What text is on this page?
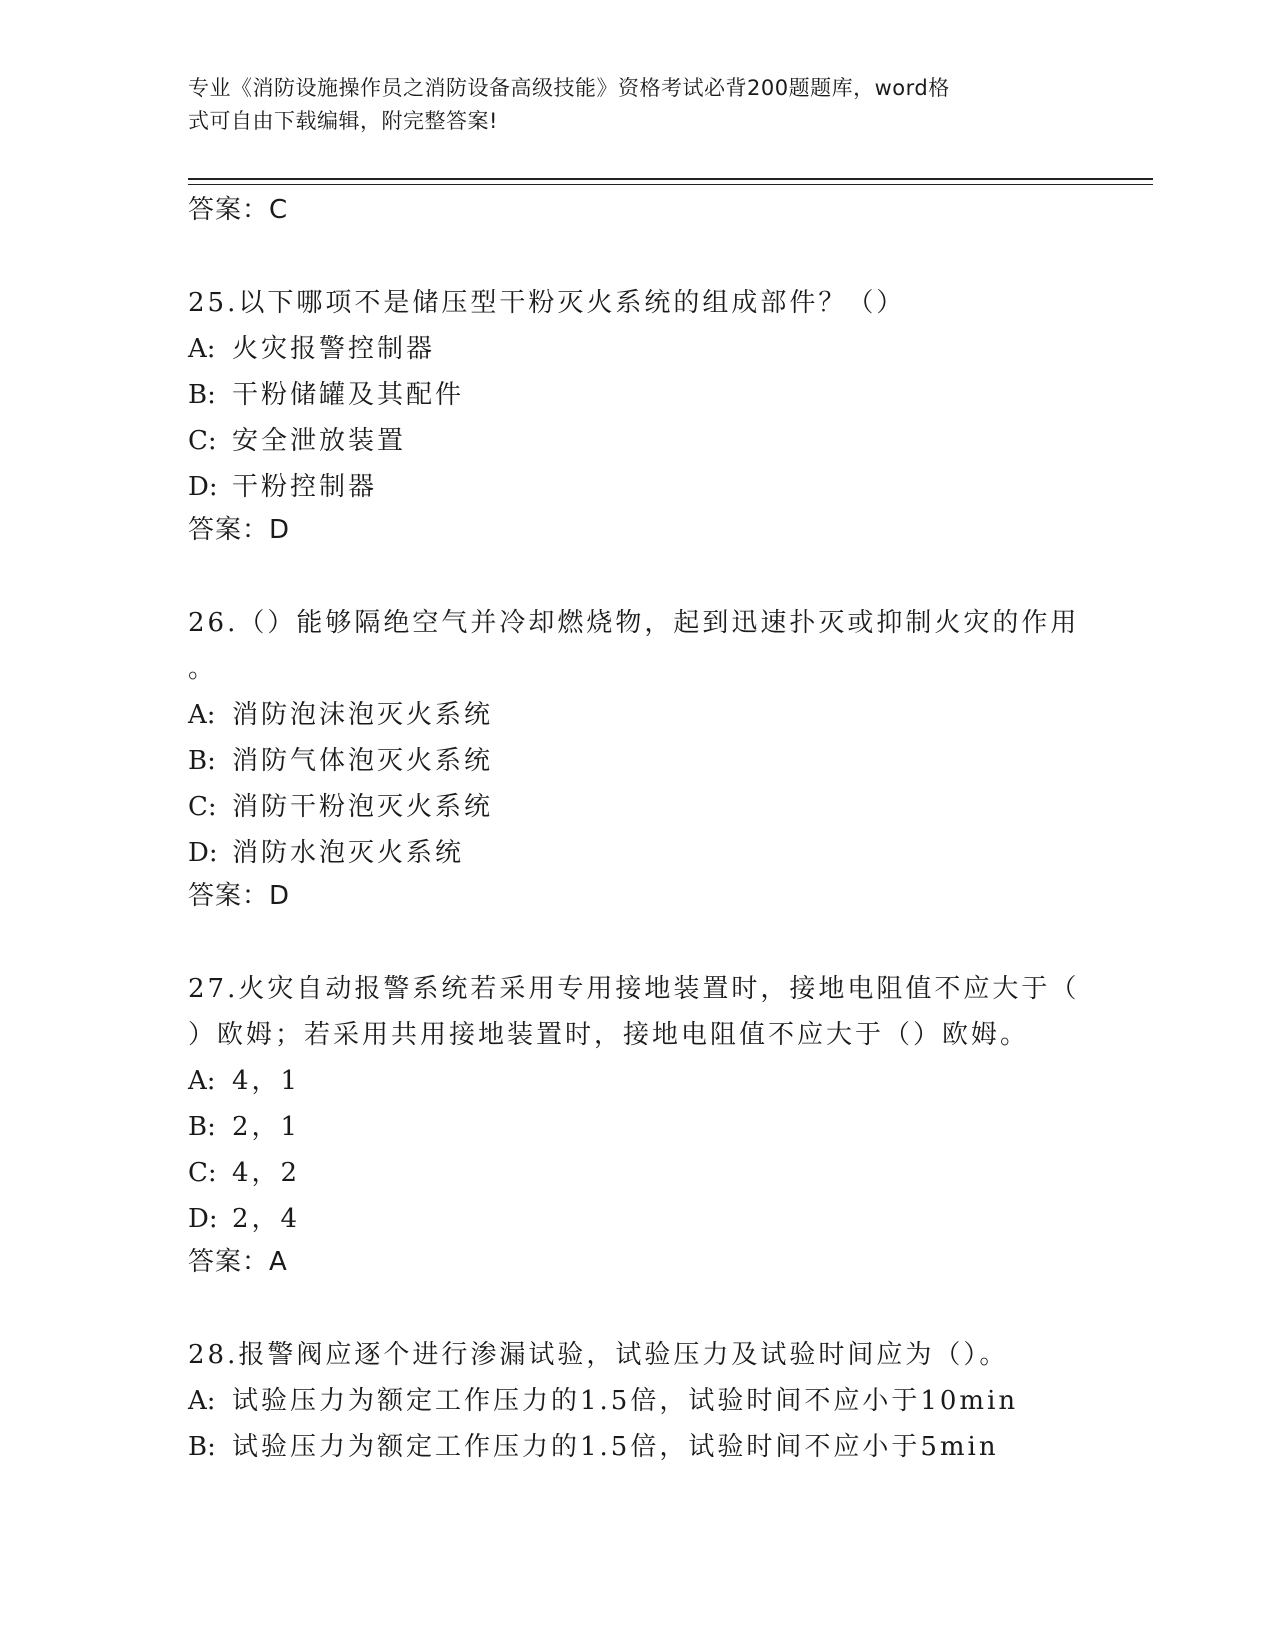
专业《消防设施操作员之消防设备高级技能》资格考试必背200题题库，word格
式可自由下载编辑，附完整答案!
答案：C
25.以下哪项不是储压型干粉灭火系统的组成部件？（）
A: 火灾报警控制器
B: 干粉储罐及其配件
C: 安全泄放装置
D: 干粉控制器
答案：D
26.（）能够隔绝空气并冷却燃烧物，起到迅速扑灭或抑制火灾的作用
。
A: 消防泡沫泡灭火系统
B: 消防气体泡灭火系统
C: 消防干粉泡灭火系统
D: 消防水泡灭火系统
答案：D
27.火灾自动报警系统若采用专用接地装置时，接地电阻值不应大于（
）欧姆；若采用共用接地装置时，接地电阻值不应大于（）欧姆。
A: 4，1
B: 2，1
C: 4，2
D: 2，4
答案：A
28.报警阀应逐个进行渗漏试验，试验压力及试验时间应为（）。
A: 试验压力为额定工作压力的1.5倍，试验时间不应小于10min
B: 试验压力为额定工作压力的1.5倍，试验时间不应小于5min
